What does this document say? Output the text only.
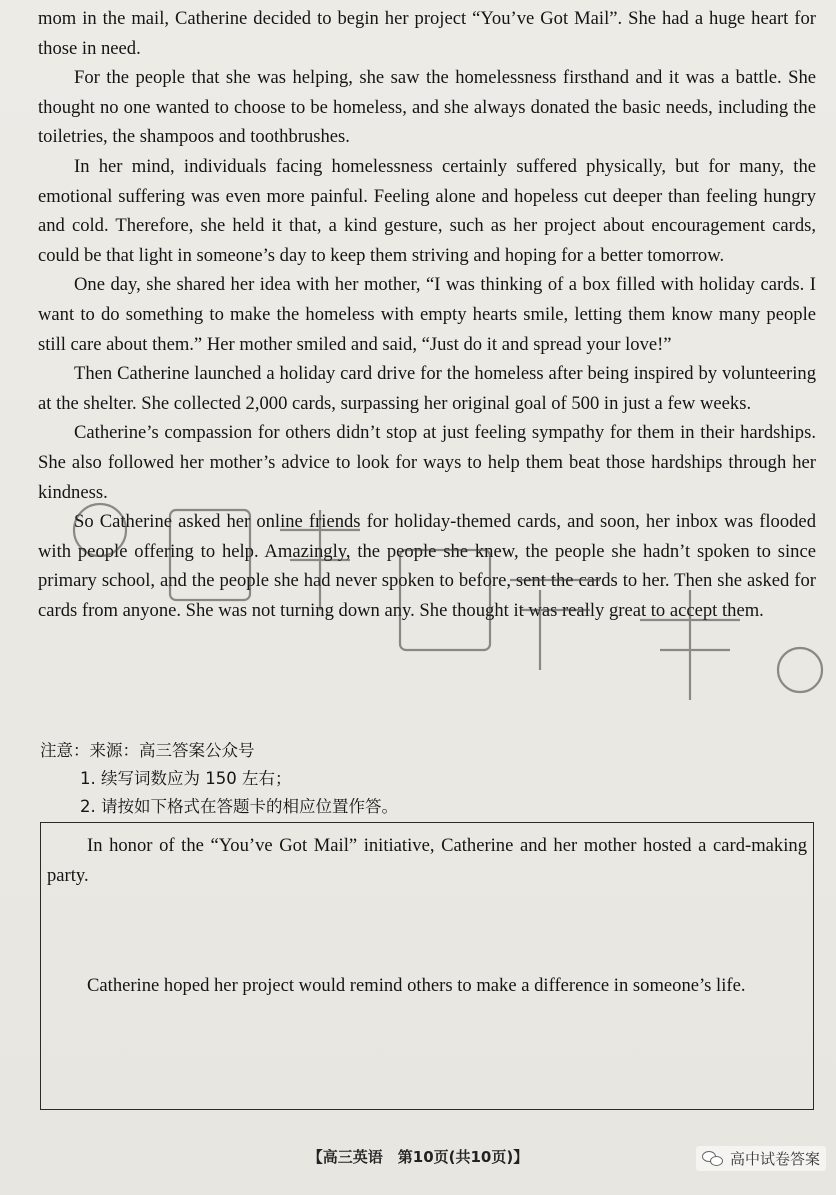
mom in the mail, Catherine decided to begin her project “You’ve Got Mail”. She had a huge heart for those in need.

For the people that she was helping, she saw the homelessness firsthand and it was a battle. She thought no one wanted to choose to be homeless, and she always donated the basic needs, including the toiletries, the shampoos and toothbrushes.

In her mind, individuals facing homelessness certainly suffered physically, but for many, the emotional suffering was even more painful. Feeling alone and hopeless cut deeper than feeling hungry and cold. Therefore, she held it that, a kind gesture, such as her project about encouragement cards, could be that light in someone’s day to keep them striving and hoping for a better tomorrow.

One day, she shared her idea with her mother, “I was thinking of a box filled with holiday cards. I want to do something to make the homeless with empty hearts smile, letting them know many people still care about them.” Her mother smiled and said, “Just do it and spread your love!”

Then Catherine launched a holiday card drive for the homeless after being inspired by volunteering at the shelter. She collected 2,000 cards, surpassing her original goal of 500 in just a few weeks.

Catherine’s compassion for others didn’t stop at just feeling sympathy for them in their hardships. She also followed her mother’s advice to look for ways to help them beat those hardships through her kindness.

So Catherine asked her online friends for holiday-themed cards, and soon, her inbox was flooded with people offering to help. Amazingly, the people she knew, the people she hadn’t spoken to since primary school, and the people she had never spoken to before, sent the cards to her. Then she asked for cards from anyone. She was not turning down any. She thought it was really great to accept them.

注意：来源：高三答案公众号
1. 续写词数应为 150 左右；
2. 请按如下格式在答题卡的相应位置作答。

In honor of the “You’ve Got Mail” initiative, Catherine and her mother hosted a card-making party.

Catherine hoped her project would remind others to make a difference in someone’s life.

【高三英语　第10页(共10页)】	高中试卷答案
